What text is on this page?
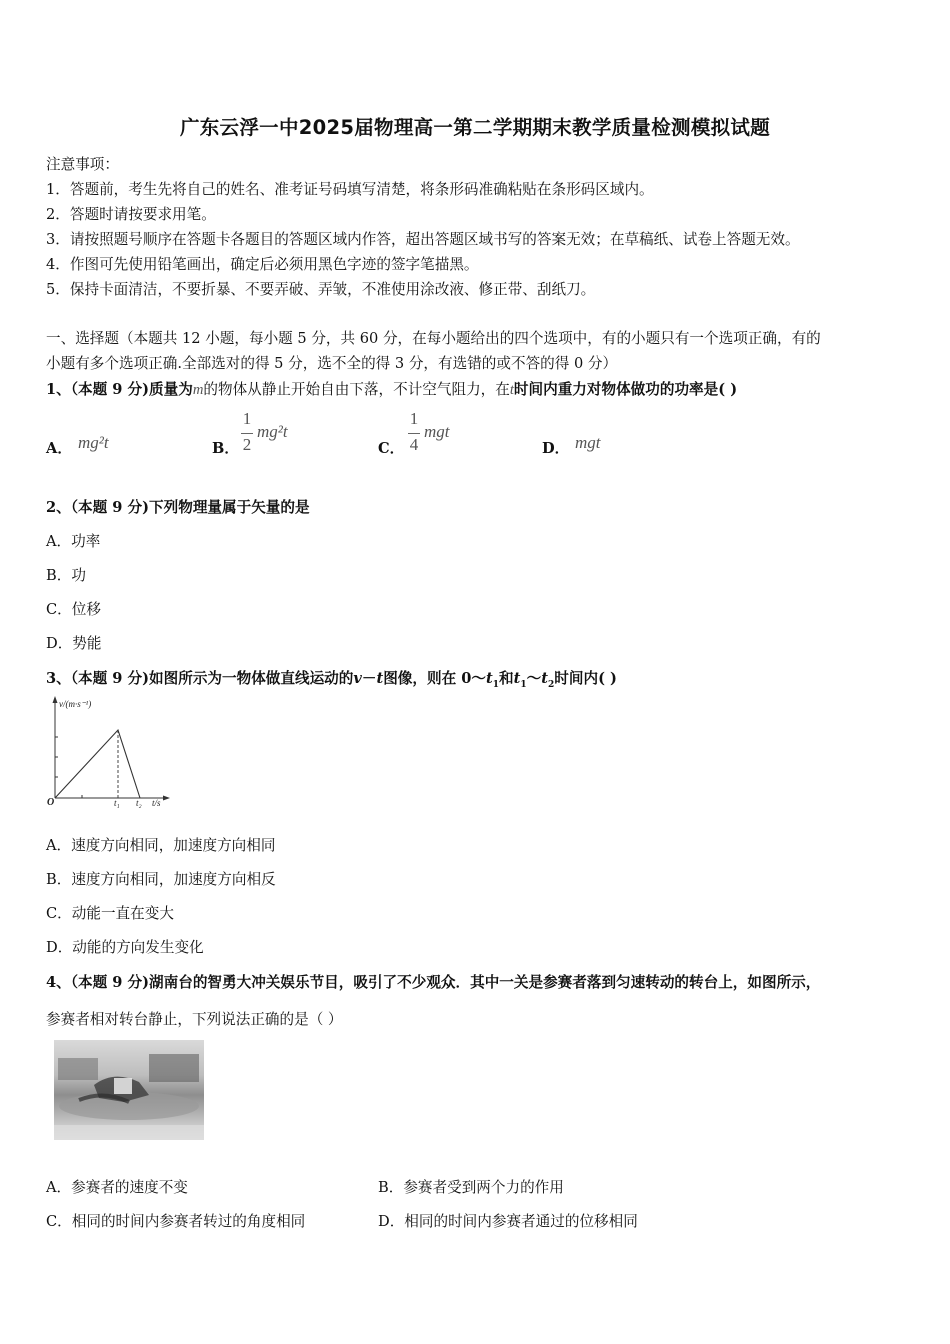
广东云浮一中2025届物理高一第二学期期末教学质量检测模拟试题
注意事项：
1．答题前，考生先将自己的姓名、准考证号码填写清楚，将条形码准确粘贴在条形码区域内。
2．答题时请按要求用笔。
3．请按照题号顺序在答题卡各题目的答题区域内作答，超出答题区域书写的答案无效；在草稿纸、试卷上答题无效。
4．作图可先使用铅笔画出，确定后必须用黑色字迹的签字笔描黑。
5．保持卡面清洁，不要折暴、不要弄破、弄皱，不准使用涂改液、修正带、刮纸刀。
一、选择题（本题共 12 小题，每小题 5 分，共 60 分，在每小题给出的四个选项中，有的小题只有一个选项正确，有的
小题有多个选项正确.全部选对的得 5 分，选不全的得 3 分，有选错的或不答的得 0 分）
1、（本题 9 分)质量为m的物体从静止开始自由下落，不计空气阻力，在t时间内重力对物体做功的功率是( )
A． mg²t	B．
1
2
mg²t
C．
1
4
mgt
D． mgt
2、（本题 9 分)下列物理量属于矢量的是
A．功率
B．功
C．位移
D．势能
3、（本题 9 分)如图所示为一物体做直线运动的v－t图像，则在 $0\sim t_1$和$t_1\sim t_2$时间内( )
v/(m·s⁻¹)
O	t₁ t₂ t/s
A．速度方向相同，加速度方向相同
B．速度方向相同，加速度方向相反
C．动能一直在变大
D．动能的方向发生变化
4、（本题 9 分)湖南台的智勇大冲关娱乐节目，吸引了不少观众．其中一关是参赛者落到匀速转动的转台上，如图所示，
参赛者相对转台静止，下列说法正确的是（ ）
A．参赛者的速度不变	B．参赛者受到两个力的作用
C．相同的时间内参赛者转过的角度相同	D．相同的时间内参赛者通过的位移相同
